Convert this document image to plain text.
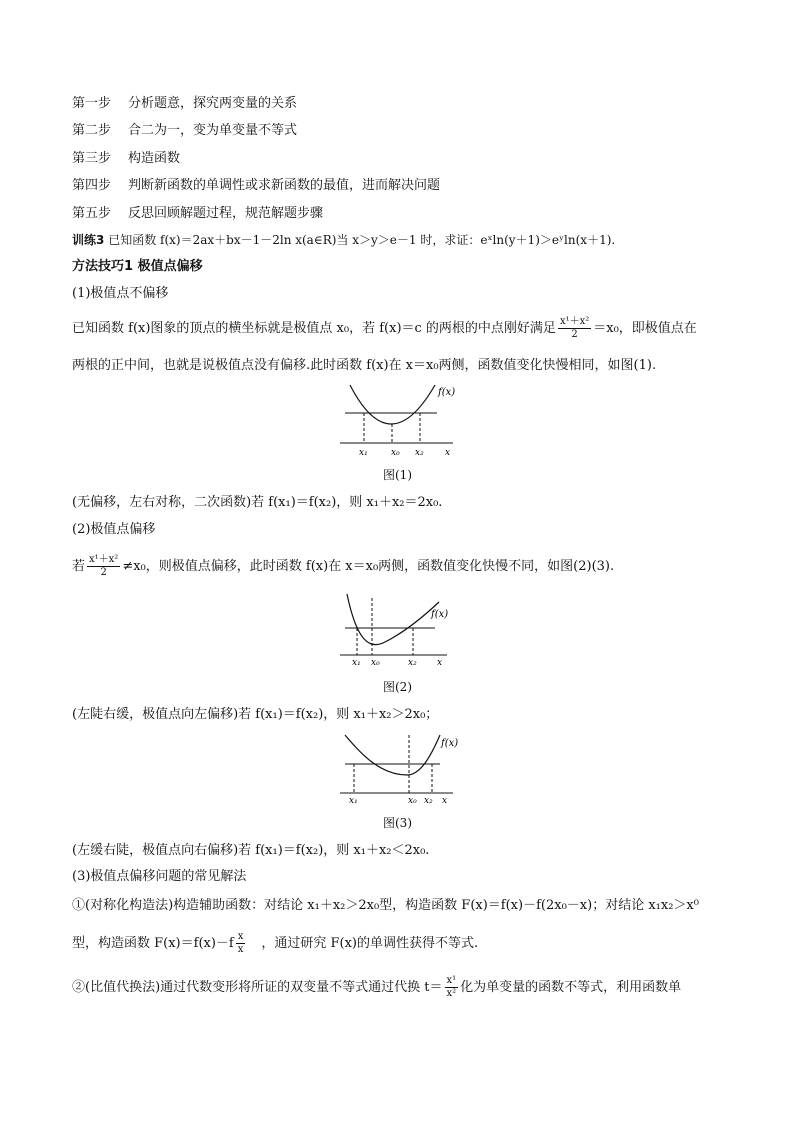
第一步 分析题意，探究两变量的关系
第二步 合二为一，变为单变量不等式
第三步 构造函数
第四步 判断新函数的单调性或求新函数的最值，进而解决问题
第五步 反思回顾解题过程，规范解题步骤
训练3 已知函数 f(x)＝2ax＋bx－1－2ln x(a∈R)当 x＞y＞e－1 时，求证：eˣln(y＋1)＞eʸln(x＋1).
方法技巧1 极值点偏移
(1)极值点不偏移
已知函数 f(x)图象的顶点的横坐标就是极值点 x₀，若 f(x)＝c 的两根的中点刚好满足 $\frac{\text{x¹＋x²}}{2} =x_0$，即极值点在
两根的正中间，也就是说极值点没有偏移.此时函数 f(x)在 x＝x₀两侧，函数值变化快慢相同，如图(1).
f(x)
x₁	x₀ x₂ x
图(1)
(无偏移，左右对称，二次函数)若 f(x₁)＝f(x₂)，则 x₁＋x₂＝2x₀.
(2)极值点偏移
若 $\frac{\text{x¹＋x²}}{2} \ne x_0$，则极值点偏移，此时函数 f(x)在 x＝x₀两侧，函数值变化快慢不同，如图(2)(3).
f(x)
x₁ x₀	x₂ x
图(2)
(左陡右缓，极值点向左偏移)若 f(x₁)＝f(x₂)，则 x₁＋x₂＞2x₀；
f(x)
x₁	x₀ x₂ x
图(3)
(左缓右陡，极值点向右偏移)若 f(x₁)＝f(x₂)，则 x₁＋x₂＜2x₀.
(3)极值点偏移问题的常见解法
①(对称化构造法)构造辅助函数：对结论 x₁＋x₂＞2x₀型，构造函数 F(x)＝f(x)－f(2x₀－x)；对结论 x₁x₂＞x⁰
型，构造函数 $F(x)=f(x)-f \frac{x}{x}$ ，通过研究 F(x)的单调性获得不等式.
②(比值代换法)通过代数变形将所证的双变量不等式通过代换 $t= \frac{\text{x¹}}{\text{x²}}$ 化为单变量的函数不等式，利用函数单
